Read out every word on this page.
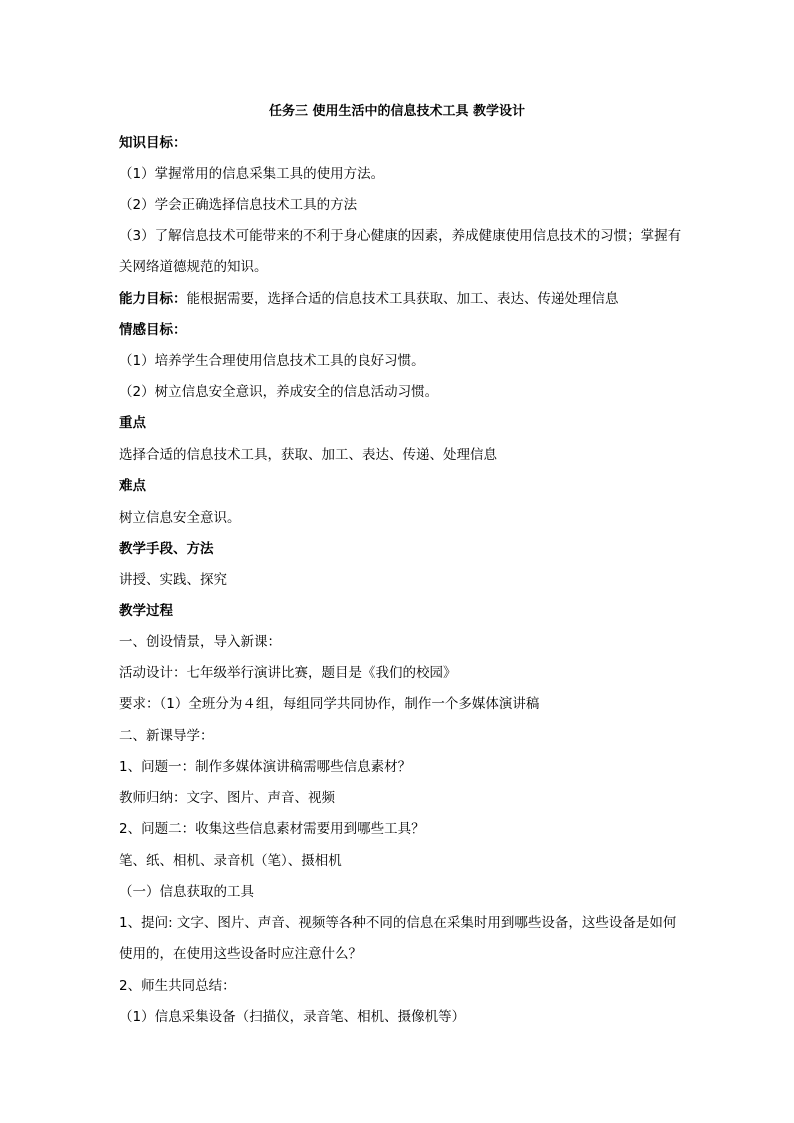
任务三 使用生活中的信息技术工具 教学设计
知识目标：
（1）掌握常用的信息采集工具的使用方法。
（2）学会正确选择信息技术工具的方法
（3）了解信息技术可能带来的不利于身心健康的因素，养成健康使用信息技术的习惯；掌握有关网络道德规范的知识。
能力目标：能根据需要，选择合适的信息技术工具获取、加工、表达、传递处理信息
情感目标：
（1）培养学生合理使用信息技术工具的良好习惯。
（2）树立信息安全意识，养成安全的信息活动习惯。
重点
选择合适的信息技术工具，获取、加工、表达、传递、处理信息
难点
树立信息安全意识。
教学手段、方法
讲授、实践、探究
教学过程
一、创设情景，导入新课：
活动设计：七年级举行演讲比赛，题目是《我们的校园》
要求：（1）全班分为４组，每组同学共同协作，制作一个多媒体演讲稿
二、新课导学：
1、问题一：制作多媒体演讲稿需哪些信息素材？
教师归纳：文字、图片、声音、视频
2、问题二：收集这些信息素材需要用到哪些工具？
笔、纸、相机、录音机（笔）、摄相机
（一）信息获取的工具
1、提问: 文字、图片、声音、视频等各种不同的信息在采集时用到哪些设备，这些设备是如何使用的，在使用这些设备时应注意什么？
2、师生共同总结：
（1）信息采集设备（扫描仪，录音笔、相机、摄像机等）
